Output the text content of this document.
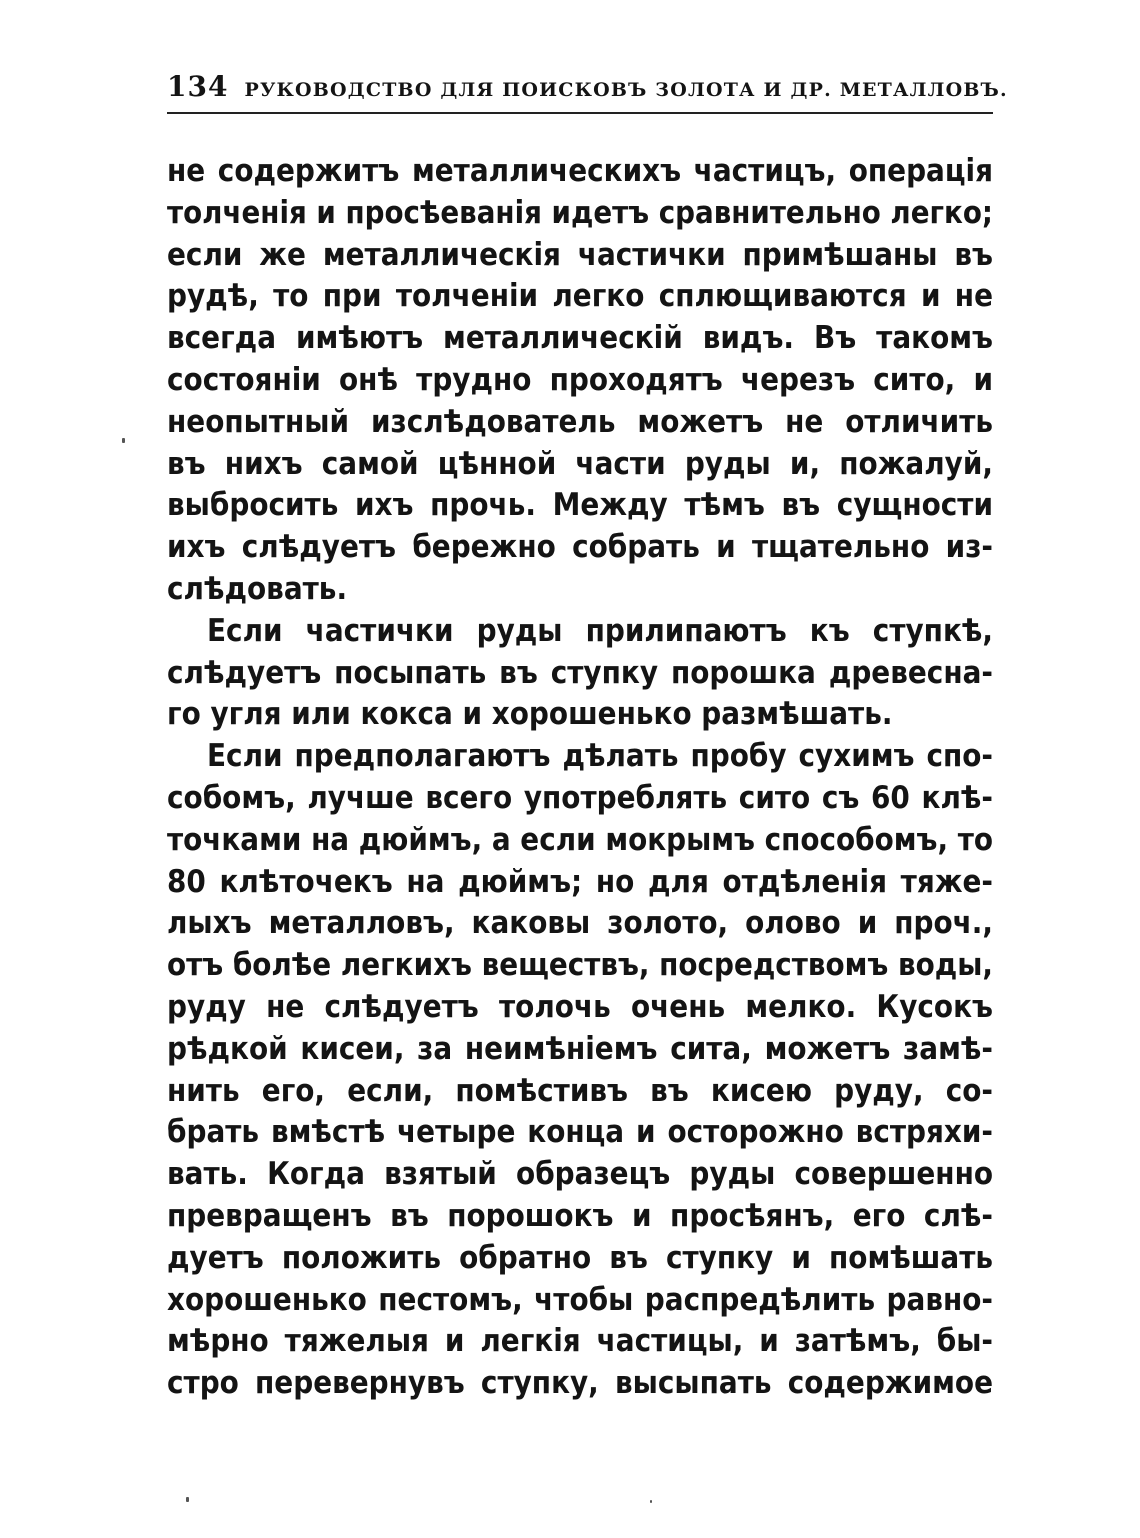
134 РУКОВОДСТВО ДЛЯ ПОИСКОВЪ ЗОЛОТА И ДР. МЕТАЛЛОВЪ.
не содержитъ металлическихъ частицъ, операція
толченія и просѣеванія идетъ сравнительно легко;
если же металлическія частички примѣшаны въ
рудѣ, то при толченіи легко сплющиваются и не
всегда имѣютъ металлическій видъ. Въ такомъ
состояніи онѣ трудно проходятъ черезъ сито, и
неопытный изслѣдователь можетъ не отличить
въ нихъ самой цѣнной части руды и, пожалуй,
выбросить ихъ прочь. Между тѣмъ въ сущности
ихъ слѣдуетъ бережно собрать и тщательно из-
слѣдовать.
Если частички руды прилипаютъ къ ступкѣ,
слѣдуетъ посыпать въ ступку порошка древесна-
го угля или кокса и хорошенько размѣшать.
Если предполагаютъ дѣлать пробу сухимъ спо-
собомъ, лучше всего употреблять сито съ 60 клѣ-
точками на дюймъ, а если мокрымъ способомъ, то
80 клѣточекъ на дюймъ; но для отдѣленія тяже-
лыхъ металловъ, каковы золото, олово и проч.,
отъ болѣе легкихъ веществъ, посредствомъ воды,
руду не слѣдуетъ толочь очень мелко. Кусокъ
рѣдкой кисеи, за неимѣніемъ сита, можетъ замѣ-
нить его, если, помѣстивъ въ кисею руду, со-
брать вмѣстѣ четыре конца и осторожно встряхи-
вать. Когда взятый образецъ руды совершенно
превращенъ въ порошокъ и просѣянъ, его слѣ-
дуетъ положить обратно въ ступку и помѣшать
хорошенько пестомъ, чтобы распредѣлить равно-
мѣрно тяжелыя и легкія частицы, и затѣмъ, бы-
стро перевернувъ ступку, высыпать содержимое
